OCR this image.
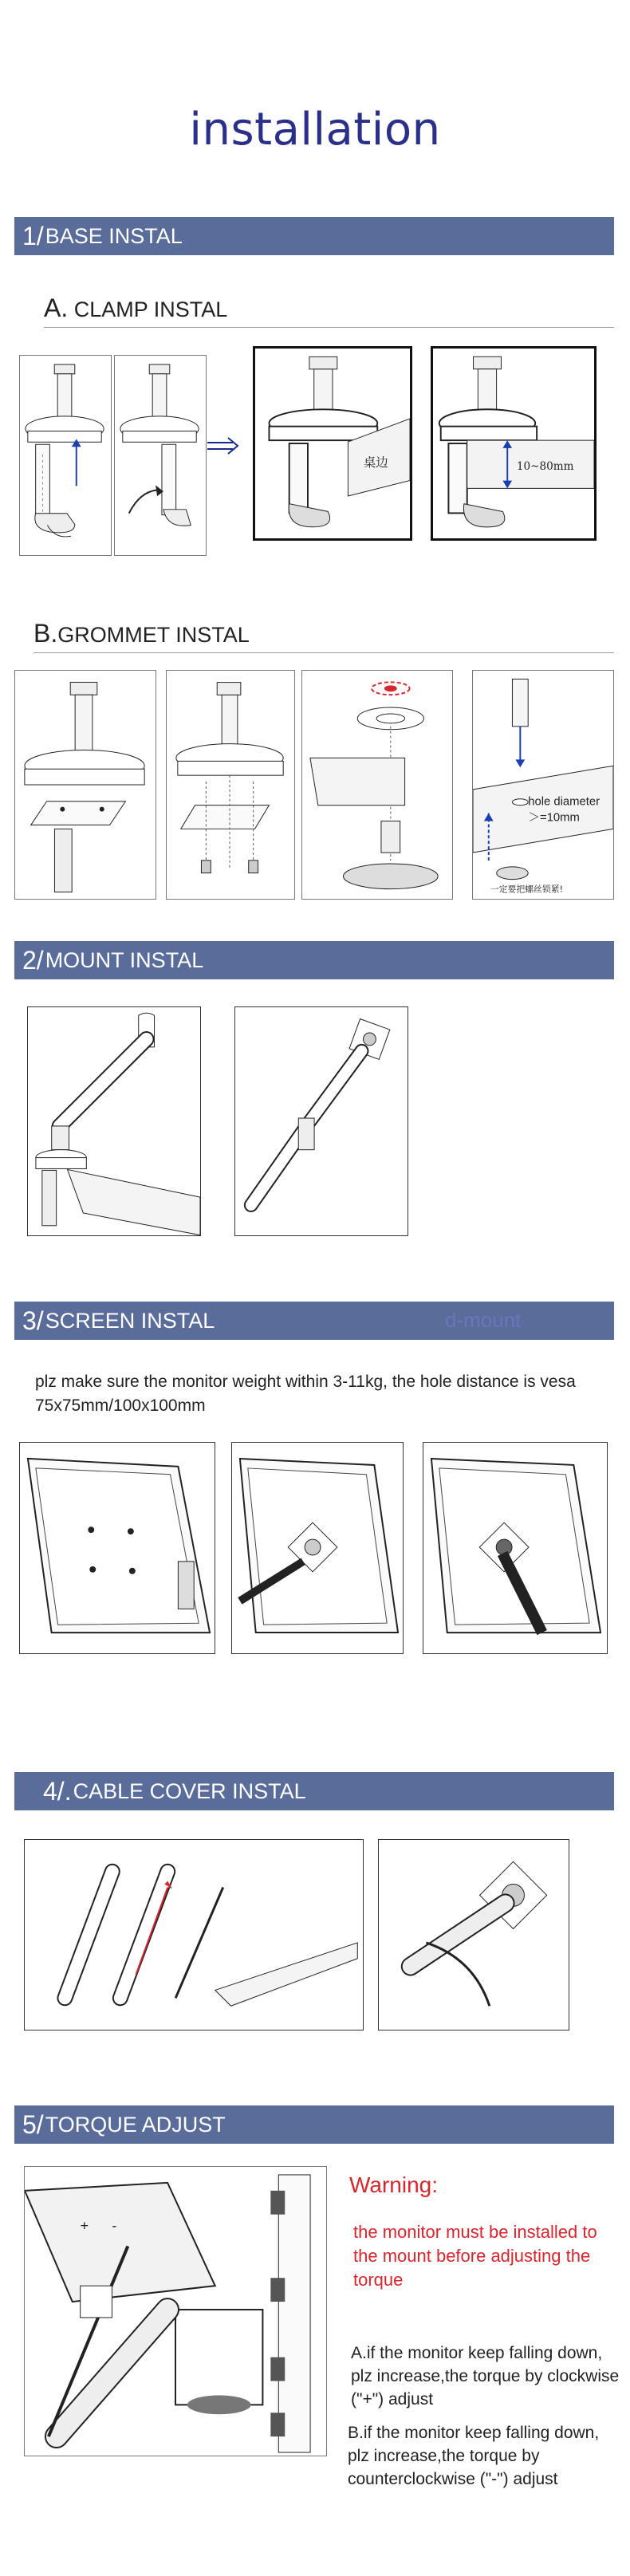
installation
1/ BASE INSTAL
A. CLAMP INSTAL
桌边	10~80mm
B.GROMMET INSTAL
hole diameter
＞=10mm
一定要把螺丝锁紧!
2/ MOUNT INSTAL
3/ SCREEN INSTAL	d-mount
plz make sure the monitor weight within 3-11kg, the hole distance is vesa 75x75mm/100x100mm
4/. CABLE COVER INSTAL
5/ TORQUE ADJUST
+ -
Warning:
the monitor must be installed to the mount before adjusting the torque
A.if the monitor keep falling down, plz increase,the torque by clockwise ("+") adjust
B.if the monitor keep falling down, plz increase,the torque by counterclockwise ("-") adjust
